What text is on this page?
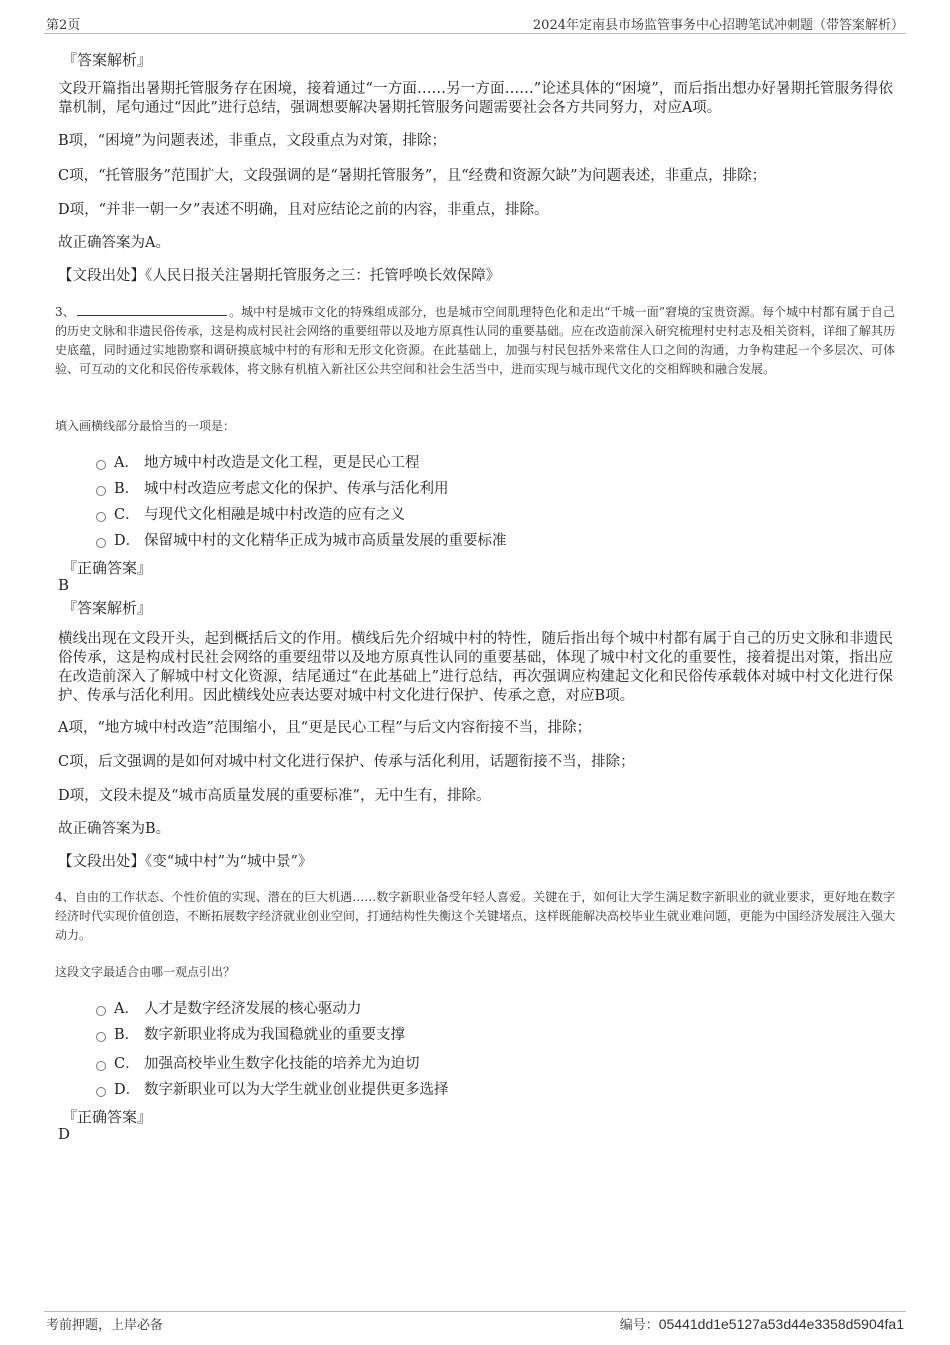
第2页	2024年定南县市场监管事务中心招聘笔试冲刺题（带答案解析）
『答案解析』
文段开篇指出暑期托管服务存在困境，接着通过“一方面……另一方面……”论述具体的“困境”，而后指出想办好暑期托管服务得依靠机制，尾句通过“因此”进行总结，强调想要解决暑期托管服务问题需要社会各方共同努力，对应A项。
B项，“困境”为问题表述，非重点，文段重点为对策，排除；
C项，“托管服务”范围扩大，文段强调的是“暑期托管服务”，且“经费和资源欠缺”为问题表述，非重点，排除；
D项，“并非一朝一夕”表述不明确，且对应结论之前的内容，非重点，排除。
故正确答案为A。
【文段出处】《人民日报关注暑期托管服务之三：托管呼唤长效保障》
3、	。城中村是城市文化的特殊组成部分，也是城市空间肌理特色化和走出“千城一面”窘境的宝贵资源。每个城中村都有属于自己的历史文脉和非遗民俗传承，这是构成村民社会网络的重要纽带以及地方原真性认同的重要基础。应在改造前深入研究梳理村史村志及相关资料，详细了解其历史底蕴，同时通过实地勘察和调研摸底城中村的有形和无形文化资源。在此基础上，加强与村民包括外来常住人口之间的沟通，力争构建起一个多层次、可体验、可互动的文化和民俗传承载体，将文脉有机植入新社区公共空间和社会生活当中，进而实现与城市现代文化的交相辉映和融合发展。
填入画横线部分最恰当的一项是：
A． 地方城中村改造是文化工程，更是民心工程
B． 城中村改造应考虑文化的保护、传承与活化利用
C． 与现代文化相融是城中村改造的应有之义
D． 保留城中村的文化精华正成为城市高质量发展的重要标准
『正确答案』
B
『答案解析』
横线出现在文段开头，起到概括后文的作用。横线后先介绍城中村的特性，随后指出每个城中村都有属于自己的历史文脉和非遗民俗传承，这是构成村民社会网络的重要纽带以及地方原真性认同的重要基础，体现了城中村文化的重要性，接着提出对策，指出应在改造前深入了解城中村文化资源，结尾通过“在此基础上”进行总结，再次强调应构建起文化和民俗传承载体对城中村文化进行保护、传承与活化利用。因此横线处应表达要对城中村文化进行保护、传承之意，对应B项。
A项，“地方城中村改造”范围缩小，且“更是民心工程”与后文内容衔接不当，排除；
C项，后文强调的是如何对城中村文化进行保护、传承与活化利用，话题衔接不当，排除；
D项，文段未提及“城市高质量发展的重要标准”，无中生有，排除。
故正确答案为B。
【文段出处】《变“城中村”为“城中景”》
4、自由的工作状态、个性价值的实现、潜在的巨大机遇……数字新职业备受年轻人喜爱。关键在于，如何让大学生满足数字新职业的就业要求，更好地在数字经济时代实现价值创造，不断拓展数字经济就业创业空间，打通结构性失衡这个关键堵点，这样既能解决高校毕业生就业难问题，更能为中国经济发展注入强大动力。
这段文字最适合由哪一观点引出？
A． 人才是数字经济发展的核心驱动力
B． 数字新职业将成为我国稳就业的重要支撑
C． 加强高校毕业生数字化技能的培养尤为迫切
D． 数字新职业可以为大学生就业创业提供更多选择
『正确答案』
D
考前押题，上岸必备	编号：05441dd1e5127a53d44e3358d5904fa1
